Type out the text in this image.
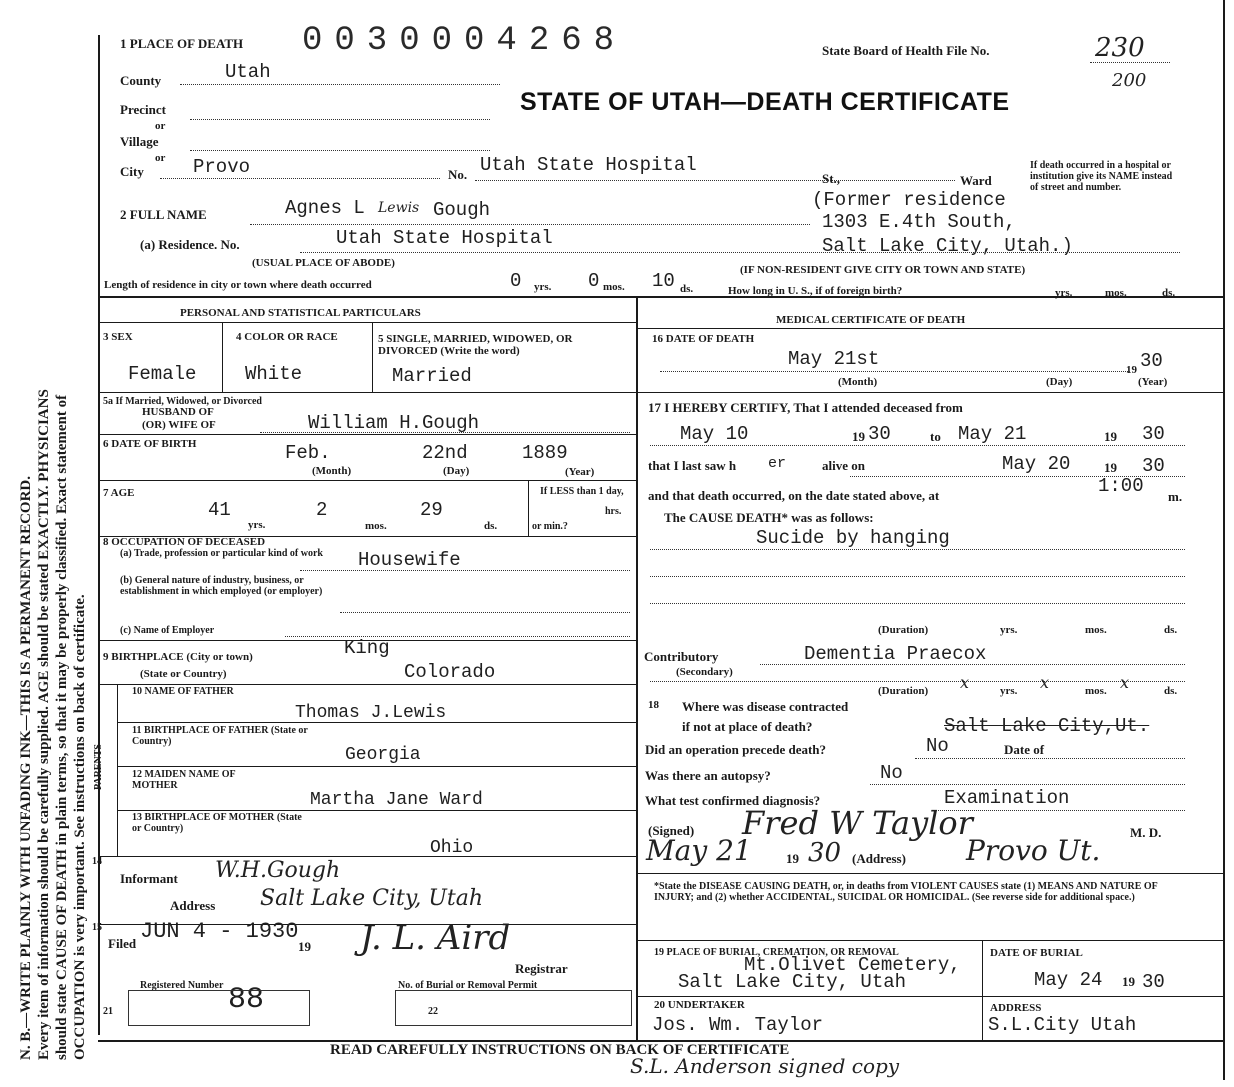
N. B.—WRITE PLAINLY WITH UNFADING INK—THIS IS A PERMANENT RECORD. Every item of information should be carefully supplied. AGE should be stated EXACTLY. PHYSICIANS should state CAUSE OF DEATH in plain terms, so that it may be properly classified. Exact statement of OCCUPATION is very important. See instructions on back of certificate.
1 PLACE OF DEATH 0030004268	State Board of Health File No.	230
200
STATE OF UTAH—DEATH CERTIFICATE
County	Utah
Precinct
or
Village
or
City	Provo	No. Utah State Hospital
St.,	Ward
If death occurred in a hospital or institution give its NAME instead of street and number.
2 FULL NAME	Agnes L Lewis Gough	(Former residence
1303 E.4th South,
(a) Residence. No.	Utah State Hospital	Salt Lake City, Utah.)
(USUAL PLACE OF ABODE)
(IF NON-RESIDENT GIVE CITY OR TOWN AND STATE)
Length of residence in city or town where death occurred	0 yrs. 0 mos. 10 ds.	How long in U. S., if of foreign birth?	yrs.	mos.	ds.
PERSONAL AND STATISTICAL PARTICULARS
3 SEX
Female
4 COLOR OR RACE
White
5 SINGLE, MARRIED, WIDOWED, OR DIVORCED (Write the word)
Married
5a If Married, Widowed, or Divorced
HUSBAND OF
(OR) WIFE OF	William H.Gough
6 DATE OF BIRTH	Feb.	22nd	1889
(Month)	(Day)	(Year)
7 AGE
41
yrs.
2
mos.
29
ds.
If LESS than 1 day,
hrs.
or min.?
8 OCCUPATION OF DECEASED
(a) Trade, profession or particular kind of work	Housewife
(b) General nature of industry, business, or establishment in which employed (or employer)
(c) Name of Employer
9 BIRTHPLACE (City or town)
(State or Country)
King
Colorado
PARENTS
10 NAME OF FATHER
Thomas J.Lewis
11 BIRTHPLACE OF FATHER (State or Country)
Georgia
12 MAIDEN NAME OF MOTHER
Martha Jane Ward
13 BIRTHPLACE OF MOTHER (State or Country)
Ohio
14
Informant W.H.Gough
Address Salt Lake City, Utah
15
Filed JUN 4 - 1930
19 J. L. Aird
Registrar
Registered Number 88	No. of Burial or Removal Permit
21	22
MEDICAL CERTIFICATE OF DEATH
16 DATE OF DEATH
May 21st	19 30
(Month)	(Day)	(Year)
17 I HEREBY CERTIFY, That I attended deceased from
May 10	19 30	to May 21	19 30
that I last saw h er	alive on	May 20	19 30
and that death occurred, on the date stated above, at	1:00 m.
The CAUSE DEATH* was as follows:
Sucide by hanging
(Duration)	yrs.	mos.	ds.
Contributory
(Secondary)
Dementia Praecox
(Duration) x	yrs. x	mos. x	ds.
18 Where was disease contracted
if not at place of death?	Salt Lake City,Ut.
Did an operation precede death?	No	Date of
Was there an autopsy?	No
What test confirmed diagnosis?	Examination
(Signed) Fred W Taylor	M. D.
May 21	19 30 (Address) Provo Ut.
*State the DISEASE CAUSING DEATH, or, in deaths from VIOLENT CAUSES state (1) MEANS AND NATURE OF INJURY; and (2) whether ACCIDENTAL, SUICIDAL OR HOMICIDAL. (See reverse side for additional space.)
19 PLACE OF BURIAL, CREMATION, OR REMOVAL
Mt.Olivet Cemetery,
Salt Lake City, Utah
DATE OF BURIAL
May 24 19 30
20 UNDERTAKER
Jos. Wm. Taylor
ADDRESS
S.L.City Utah
READ CAREFULLY INSTRUCTIONS ON BACK OF CERTIFICATE
S.L. Anderson signed copy
